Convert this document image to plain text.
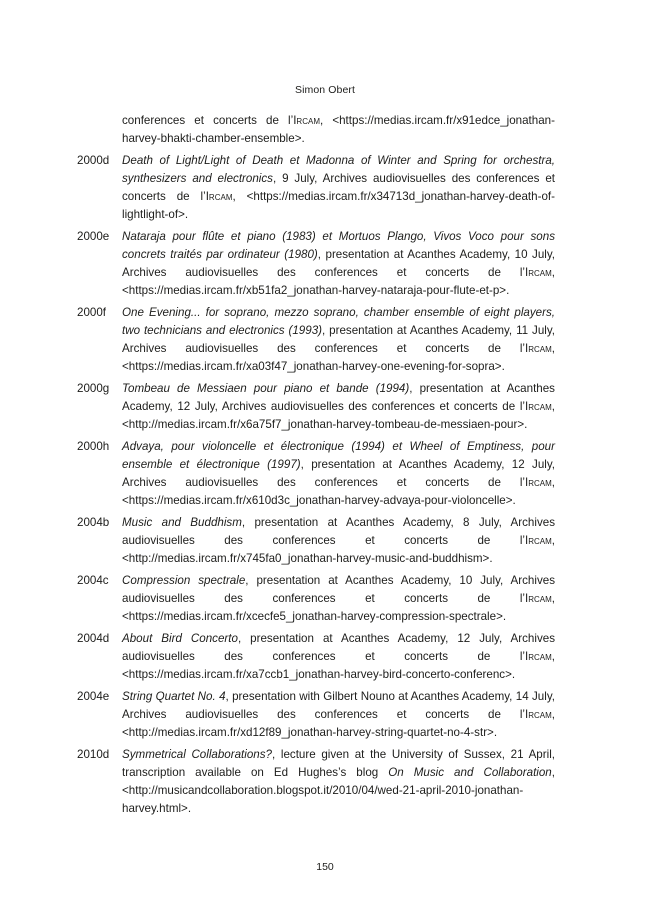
Simon Obert
conferences et concerts de l’Ircam, <https://medias.ircam.fr/x91edce_jonathan-harvey-bhakti-chamber-ensemble>.
2000d	Death of Light/Light of Death et Madonna of Winter and Spring for orchestra, synthesizers and electronics, 9 July, Archives audiovisuelles des conferences et concerts de l’Ircam, <https://medias.ircam.fr/x34713d_jonathan-harvey-death-of-lightlight-of>.
2000e	Nataraja pour flûte et piano (1983) et Mortuos Plango, Vivos Voco pour sons concrets traités par ordinateur (1980), presentation at Acanthes Academy, 10 July, Archives audiovisuelles des conferences et concerts de l’Ircam, <https://medias.ircam.fr/xb51fa2_jonathan-harvey-nataraja-pour-flute-et-p>.
2000f	One Evening... for soprano, mezzo soprano, chamber ensemble of eight players, two technicians and electronics (1993), presentation at Acanthes Academy, 11 July, Archives audiovisuelles des conferences et concerts de l’Ircam, <https://medias.ircam.fr/xa03f47_jonathan-harvey-one-evening-for-sopra>.
2000g	Tombeau de Messiaen pour piano et bande (1994), presentation at Acanthes Academy, 12 July, Archives audiovisuelles des conferences et concerts de l’Ircam, <http://medias.ircam.fr/x6a75f7_jonathan-harvey-tombeau-de-messiaen-pour>.
2000h	Advaya, pour violoncelle et électronique (1994) et Wheel of Emptiness, pour ensemble et électronique (1997), presentation at Acanthes Academy, 12 July, Archives audiovisuelles des conferences et concerts de l’Ircam, <https://medias.ircam.fr/x610d3c_jonathan-harvey-advaya-pour-violoncelle>.
2004b	Music and Buddhism, presentation at Acanthes Academy, 8 July, Archives audiovisuelles des conferences et concerts de l’Ircam, <http://medias.ircam.fr/x745fa0_jonathan-harvey-music-and-buddhism>.
2004c	Compression spectrale, presentation at Acanthes Academy, 10 July, Archives audiovisuelles des conferences et concerts de l’Ircam, <https://medias.ircam.fr/xcecfe5_jonathan-harvey-compression-spectrale>.
2004d	About Bird Concerto, presentation at Acanthes Academy, 12 July, Archives audiovisuelles des conferences et concerts de l’Ircam, <https://medias.ircam.fr/xa7ccb1_jonathan-harvey-bird-concerto-conferenc>.
2004e	String Quartet No. 4, presentation with Gilbert Nouno at Acanthes Academy, 14 July, Archives audiovisuelles des conferences et concerts de l’Ircam, <http://medias.ircam.fr/xd12f89_jonathan-harvey-string-quartet-no-4-str>.
2010d	Symmetrical Collaborations?, lecture given at the University of Sussex, 21 April, transcription available on Ed Hughes’s blog On Music and Collaboration, <http://musicandcollaboration.blogspot.it/2010/04/wed-21-april-2010-jonathan-harvey.html>.
150
